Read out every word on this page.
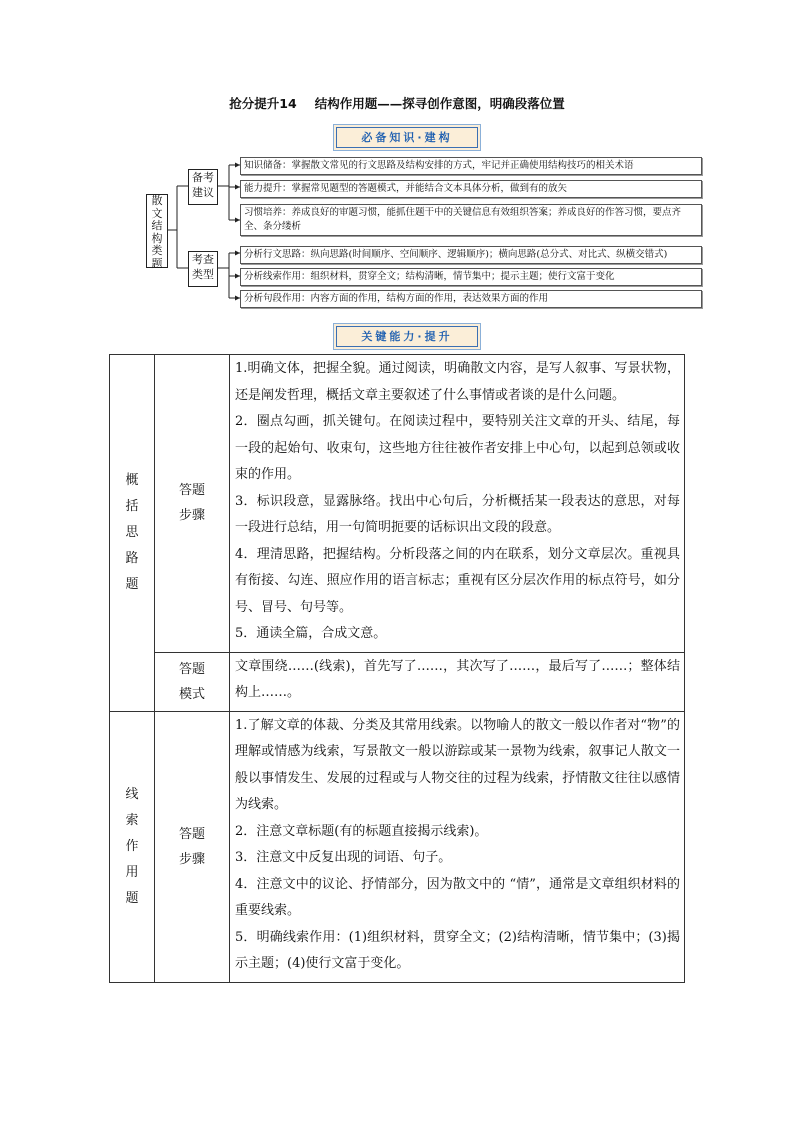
抢分提升14 结构作用题——探寻创作意图，明确段落位置
必备知识·建构
散文结构类题
备考建议
考查类型
知识储备：掌握散文常见的行文思路及结构安排的方式，牢记并正确使用结构技巧的相关术语
能力提升：掌握常见题型的答题模式，并能结合文本具体分析，做到有的放矢
习惯培养：养成良好的审题习惯，能抓住题干中的关键信息有效组织答案；养成良好的作答习惯，要点齐全、条分缕析
分析行文思路：纵向思路(时间顺序、空间顺序、逻辑顺序)；横向思路(总分式、对比式、纵横交错式)
分析线索作用：组织材料，贯穿全文；结构清晰，情节集中；提示主题；使行文富于变化
分析句段作用：内容方面的作用，结构方面的作用，表达效果方面的作用
关键能力·提升
概括思路题	答题步骤	1.明确文体，把握全貌。通过阅读，明确散文内容，是写人叙事、写景状物，还是阐发哲理，概括文章主要叙述了什么事情或者谈的是什么问题。
2．圈点勾画，抓关键句。在阅读过程中，要特别关注文章的开头、结尾，每一段的起始句、收束句，这些地方往往被作者安排上中心句，以起到总领或收束的作用。
3．标识段意，显露脉络。找出中心句后，分析概括某一段表达的意思，对每一段进行总结，用一句简明扼要的话标识出文段的段意。
4．理清思路，把握结构。分析段落之间的内在联系，划分文章层次。重视具有衔接、勾连、照应作用的语言标志；重视有区分层次作用的标点符号，如分号、冒号、句号等。
5．通读全篇，合成文意。

	答题模式	文章围绕……(线索)，首先写了……，其次写了……，最后写了……；整体结构上……。

线索作用题	答题步骤	1.了解文章的体裁、分类及其常用线索。以物喻人的散文一般以作者对“物”的理解或情感为线索，写景散文一般以游踪或某一景物为线索，叙事记人散文一般以事情发生、发展的过程或与人物交往的过程为线索，抒情散文往往以感情为线索。
2．注意文章标题(有的标题直接揭示线索)。
3．注意文中反复出现的词语、句子。
4．注意文中的议论、抒情部分，因为散文中的 “情”，通常是文章组织材料的重要线索。
5．明确线索作用：(1)组织材料，贯穿全文；(2)结构清晰，情节集中；(3)揭示主题；(4)使行文富于变化。
